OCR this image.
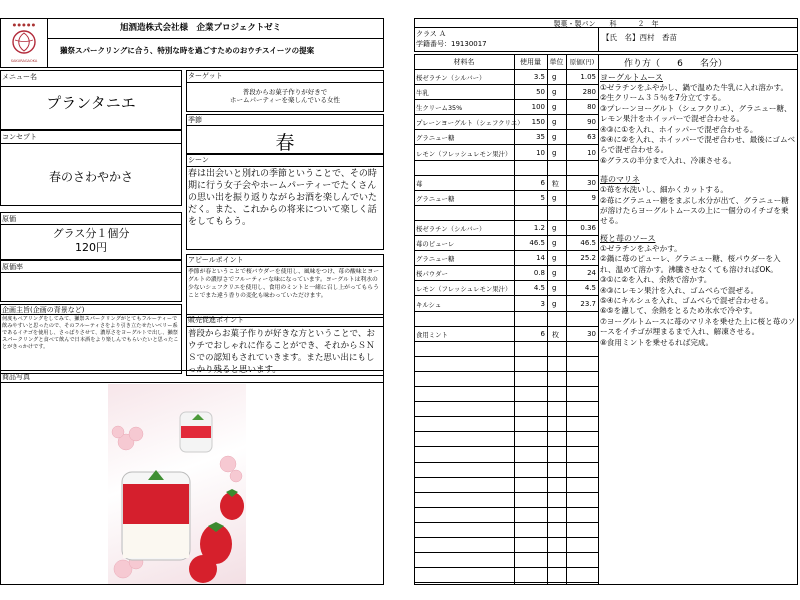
● ● ● ● ●
SAKURAGAOKA
旭酒造株式会社様　企業プロジェクトゼミ
獺祭スパークリングに合う、特別な時を過ごすためのおウチスイーツの提案
メニュー名
プランタニエ
ターゲット
普段からお菓子作りが好きで
ホームパーティーを楽しんでいる女性
季節
春
コンセプト
春のさわやかさ
シーン
春は出会いと別れの季節ということで、その時期に行う女子会やホームパーティーでたくさんの思い出を振り返りながらお酒を楽しんでいただく。また、これからの将来について楽しく話をしてもらう。
原価
グラス分１個分
120円
原価率
アピールポイント
季節が春ということで桜パウダーを使用し、風味をつけ、苺の酸味とヨーグルトの濃厚さでフルーティーな味になっています。ヨーグルトは利水の少ないシェフクリエを使用し、食用のミントと一緒に召し上がってもらうことでまた違う香りの変化も味わっていただけます。
企画主旨(企画の背景など)
何度もペアリングをしてみて、獺祭スパークリングがとてもフルーティーで飲みやすいと思ったので、そのフルーティさをより引き立たせたいベリー系であるイチゴを使用し、さっぱりさせて、濃厚さをヨーグルトで出し、獺祭スパークリングと食べて飲んで日本酒をより楽しんでもらいたいと思ったことがきっかけです。
販売促進ポイント
普段からお菓子作りが好きな方ということで、おウチでおしゃれに作ることができ、それからＳＮＳでの認知もされていきます。また思い出にもしっかり残ると思います。
商品写真
製菓・製パン　　科　　　２　年
クラス Ａ
学籍番号：19130017
【氏　名】西村　香苗
材料名	使用量	単位 原価(円)	作り方（ 6 名分）
桜ゼラチン（シルバー）	3.5 g	1.05
牛乳	50 g	280
生クリーム35%	100 g	80
プレーンヨーグルト（シェフクリエ） 150 g	90
グラニュー糖	35 g	63
レモン（フレッシュレモン果汁）	10 g	10
苺	6 粒	30
グラニュー糖	5 g	9
桜ゼラチン（シルバー）	1.2 g	0.36
苺のピューレ	46.5 g	46.5
グラニュー糖	14 g	25.2
桜パウダー	0.8 g	24
レモン（フレッシュレモン果汁）	4.5 g	4.5
キルシュ	3 g	23.7
食用ミント	6 枚	30
ヨーグルトムース
①ゼラチンをふやかし、鍋で温めた牛乳に入れ溶かす。
②生クリーム３５％を7分立てする。
③プレーンヨーグルト（シェフクリエ）、グラニュー糖、レモン果汁をホイッパーで混ぜ合わせる。
④③に①を入れ、ホイッパーで混ぜ合わせる。
⑤④に②を入れ、ホイッパーで混ぜ合わせ、最後にゴムべらで混ぜ合わせる。
⑥グラスの半分まで入れ、冷凍させる。
苺のマリネ
①苺を水洗いし、細かくカットする。
②苺にグラニュー糖をまぶし水分が出て、グラニュー糖が溶けたらヨーグルトムースの上に一個分のイチゴを乗せる。
桜と苺のソース
①ゼラチンをふやかす。
②鍋に苺のピューレ、グラニュー糖、桜パウダーを入れ、温めて溶かす。沸騰させなくても溶ければOK。
③①に②を入れ、余熱で溶かす。
④③にレモン果汁を入れ、ゴムべらで混ぜる。
⑤④にキルシュを入れ、ゴムべらで混ぜ合わせる。
⑥⑤を濾して、余熱をとるため氷水で冷やす。
⑦ヨーグルトムースに苺のマリネを乗せた上に桜と苺のソースをイチゴが埋まるまで入れ、解凍させる。
⑧食用ミントを乗せるれば完成。
